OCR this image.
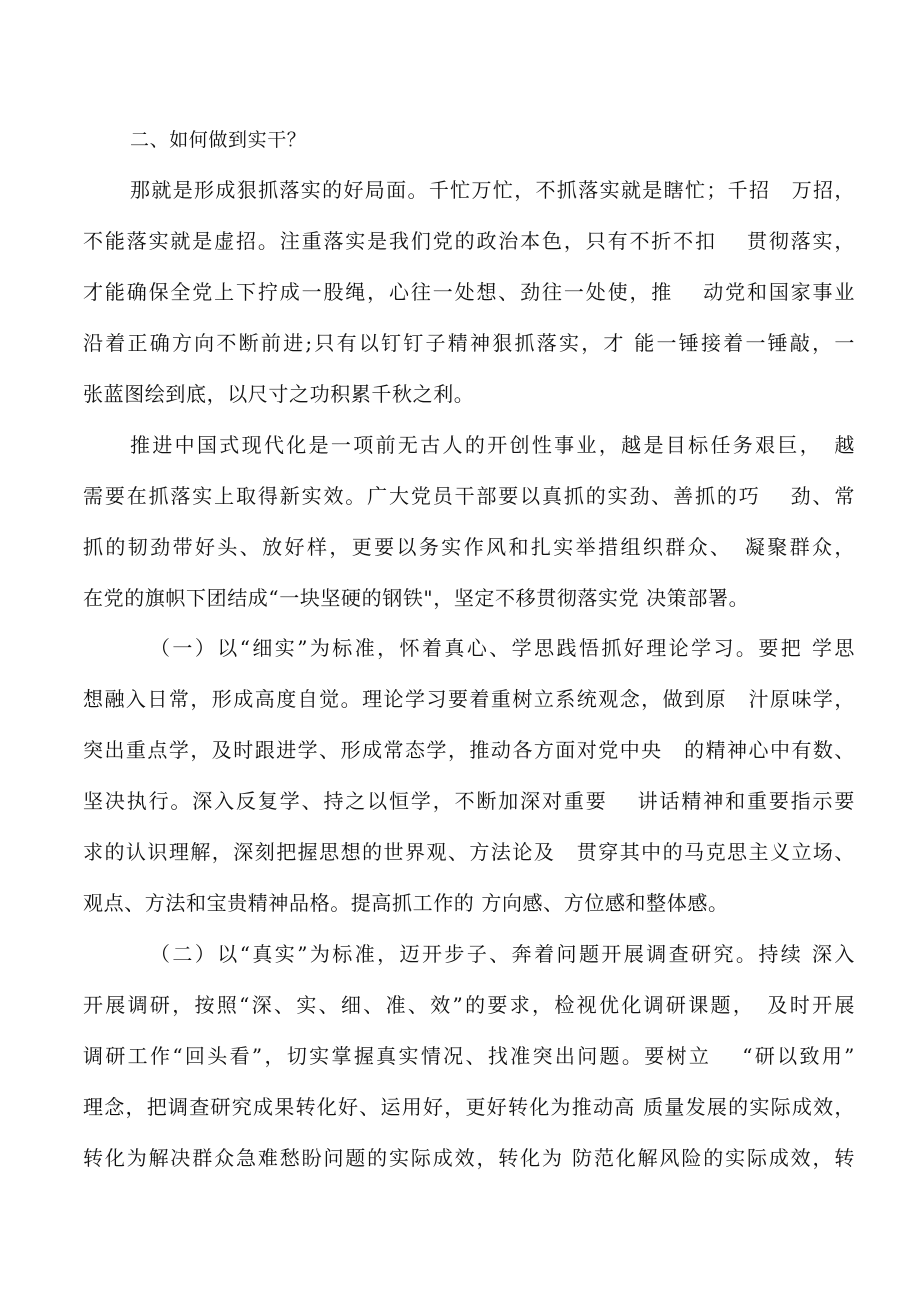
二、如何做到实干？
那就是形成狠抓落实的好局面。千忙万忙，不抓落实就是瞎忙；千招　万招，
不能落实就是虚招。注重落实是我们党的政治本色，只有不折不扣　 贯彻落实，
才能确保全党上下拧成一股绳，心往一处想、劲往一处使，推　 动党和国家事业
沿着正确方向不断前进;只有以钉钉子精神狠抓落实，才 能一锤接着一锤敲，一
张蓝图绘到底，以尺寸之功积累千秋之利。
推进中国式现代化是一项前无古人的开创性事业，越是目标任务艰巨，　越
需要在抓落实上取得新实效。广大党员干部要以真抓的实劲、善抓的巧　 劲、常
抓的韧劲带好头、放好样，更要以务实作风和扎实举措组织群众、　凝聚群众，
在党的旗帜下团结成“一块坚硬的钢铁"，坚定不移贯彻落实党 决策部署。
（一）以“细实”为标准，怀着真心、学思践悟抓好理论学习。要把 学思
想融入日常，形成高度自觉。理论学习要着重树立系统观念，做到原　汁原味学，
突出重点学，及时跟进学、形成常态学，推动各方面对党中央　的精神心中有数、
坚决执行。深入反复学、持之以恒学，不断加深对重要　 讲话精神和重要指示要
求的认识理解，深刻把握思想的世界观、方法论及　贯穿其中的马克思主义立场、
观点、方法和宝贵精神品格。提高抓工作的 方向感、方位感和整体感。
（二）以“真实”为标准，迈开步子、奔着问题开展调查研究。持续 深入
开展调研，按照“深、实、细、准、效”的要求，检视优化调研课题，　及时开展
调研工作“回头看”，切实掌握真实情况、找准突出问题。要树立　 “研以致用”
理念，把调查研究成果转化好、运用好，更好转化为推动高 质量发展的实际成效，
转化为解决群众急难愁盼问题的实际成效，转化为 防范化解风险的实际成效，转
